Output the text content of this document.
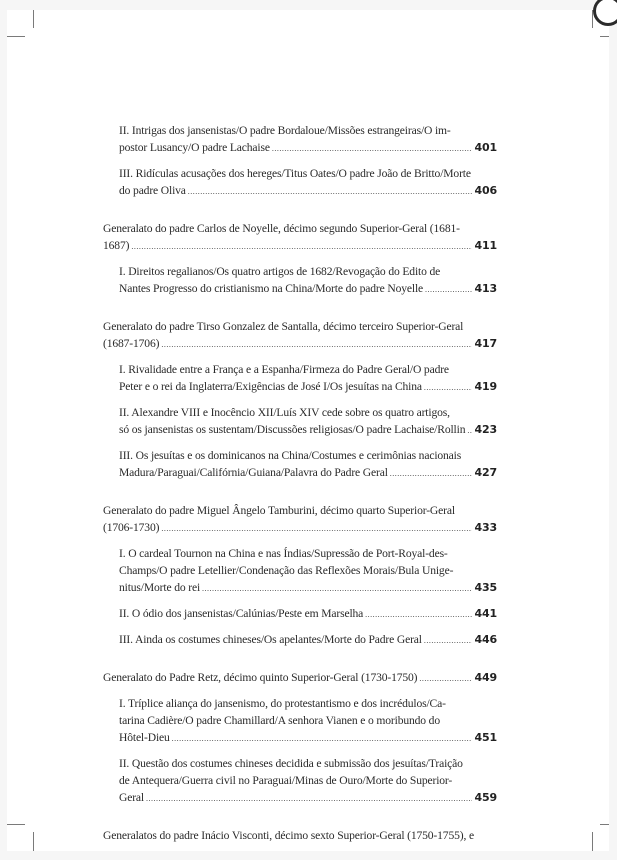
II. Intrigas dos jansenistas/O padre Bordaloue/Missões estrangeiras/O im-
postor Lusancy/O padre Lachaise .....	401
III. Ridículas acusações dos hereges/Titus Oates/O padre João de Britto/Morte
do padre Oliva .....	406
Generalato do padre Carlos de Noyelle, décimo segundo Superior-Geral (1681-
1687) .....	411
I. Direitos regalianos/Os quatro artigos de 1682/Revogação do Edito de
Nantes Progresso do cristianismo na China/Morte do padre Noyelle .....	413
Generalato do padre Tirso Gonzalez de Santalla, décimo terceiro Superior-Geral
(1687-1706) .....	417
I. Rivalidade entre a França e a Espanha/Firmeza do Padre Geral/O padre
Peter e o rei da Inglaterra/Exigências de José I/Os jesuítas na China .....	419
II. Alexandre VIII e Inocêncio XII/Luís XIV cede sobre os quatro artigos,
só os jansenistas os sustentam/Discussões religiosas/O padre Lachaise/Rollin ..... 423
III. Os jesuítas e os dominicanos na China/Costumes e cerimônias nacionais
Madura/Paraguai/Califórnia/Guiana/Palavra do Padre Geral .....	427
Generalato do padre Miguel Ângelo Tamburini, décimo quarto Superior-Geral
(1706-1730) .....	433
I. O cardeal Tournon na China e nas Índias/Supressão de Port-Royal-des-
Champs/O padre Letellier/Condenação das Reflexões Morais/Bula Unige-
nitus/Morte do rei .....	435
II. O ódio dos jansenistas/Calúnias/Peste em Marselha .....	441
III. Ainda os costumes chineses/Os apelantes/Morte do Padre Geral .....	446
Generalato do Padre Retz, décimo quinto Superior-Geral (1730-1750) .....	449
I. Tríplice aliança do jansenismo, do protestantismo e dos incrédulos/Ca-
tarina Cadière/O padre Chamillard/A senhora Vianen e o moribundo do
Hôtel-Dieu .....	451
II. Questão dos costumes chineses decidida e submissão dos jesuítas/Traição
de Antequera/Guerra civil no Paraguai/Minas de Ouro/Morte do Superior-
Geral .....	459
Generalatos do padre Inácio Visconti, décimo sexto Superior-Geral (1750-1755), e
